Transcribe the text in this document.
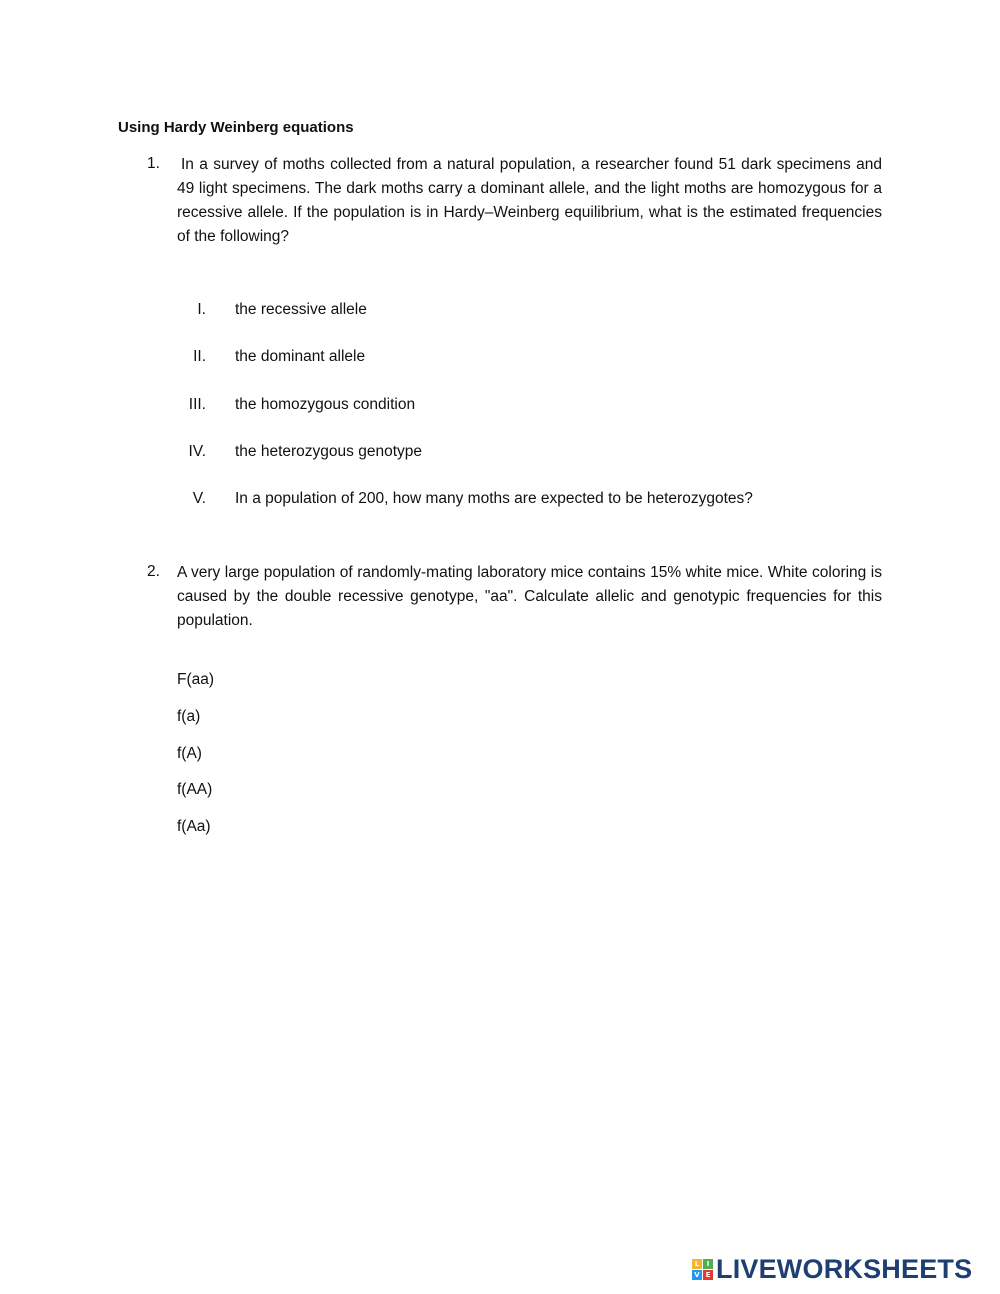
Using Hardy Weinberg equations
1. In a survey of moths collected from a natural population, a researcher found 51 dark specimens and 49 light specimens. The dark moths carry a dominant allele, and the light moths are homozygous for a recessive allele. If the population is in Hardy–Weinberg equilibrium, what is the estimated frequencies of the following?
I. the recessive allele
II. the dominant allele
III. the homozygous condition
IV. the heterozygous genotype
V. In a population of 200, how many moths are expected to be heterozygotes?
2. A very large population of randomly-mating laboratory mice contains 15% white mice. White coloring is caused by the double recessive genotype, "aa". Calculate allelic and genotypic frequencies for this population.
F(aa)
f(a)
f(A)
f(AA)
f(Aa)
L	I
V E LIVEWORKSHEETS
